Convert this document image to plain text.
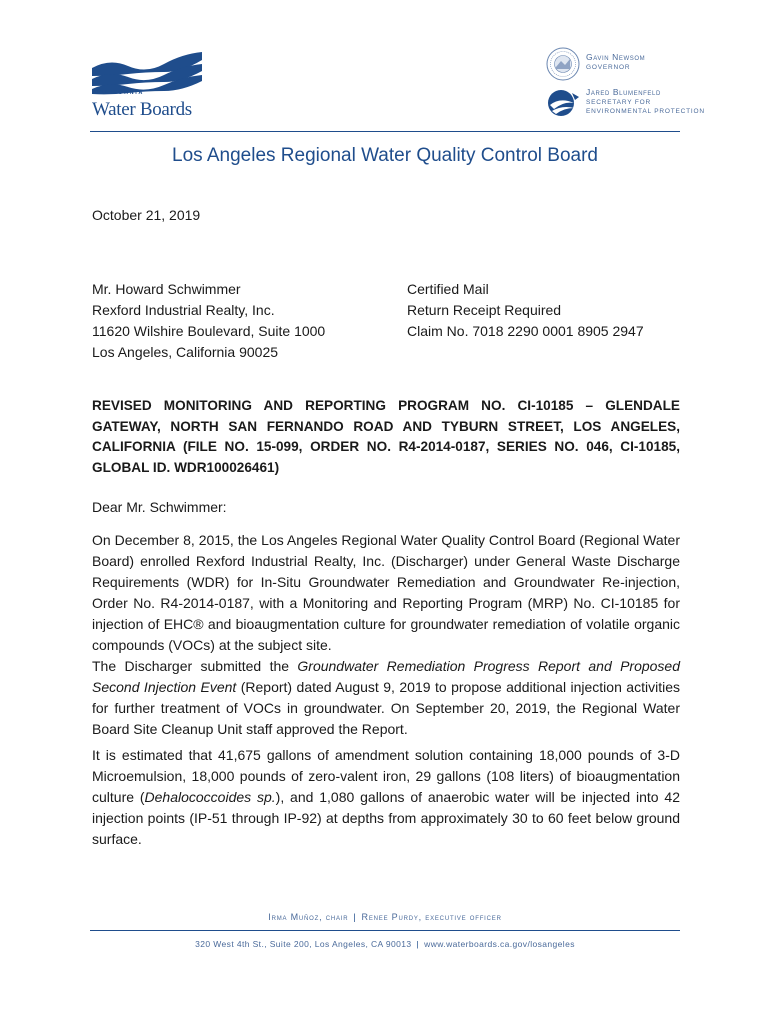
CALIFORNIA
Water Boards
Gavin Newsom
GOVERNOR
Jared Blumenfeld
SECRETARY FOR
ENVIRONMENTAL PROTECTION
Los Angeles Regional Water Quality Control Board
October 21, 2019
Mr. Howard Schwimmer
Rexford Industrial Realty, Inc.
11620 Wilshire Boulevard, Suite 1000
Los Angeles, California 90025
Certified Mail
Return Receipt Required
Claim No. 7018 2290 0001 8905 2947
REVISED MONITORING AND REPORTING PROGRAM NO. CI-10185 – GLENDALE GATEWAY, NORTH SAN FERNANDO ROAD AND TYBURN STREET, LOS ANGELES, CALIFORNIA (FILE NO. 15-099, ORDER NO. R4-2014-0187, SERIES NO. 046, CI-10185, GLOBAL ID. WDR100026461)
Dear Mr. Schwimmer:
On December 8, 2015, the Los Angeles Regional Water Quality Control Board (Regional Water Board) enrolled Rexford Industrial Realty, Inc. (Discharger) under General Waste Discharge Requirements (WDR) for In-Situ Groundwater Remediation and Groundwater Re-injection, Order No. R4-2014-0187, with a Monitoring and Reporting Program (MRP) No. CI-10185 for injection of EHC® and bioaugmentation culture for groundwater remediation of volatile organic compounds (VOCs) at the subject site.
The Discharger submitted the Groundwater Remediation Progress Report and Proposed Second Injection Event (Report) dated August 9, 2019 to propose additional injection activities for further treatment of VOCs in groundwater. On September 20, 2019, the Regional Water Board Site Cleanup Unit staff approved the Report.
It is estimated that 41,675 gallons of amendment solution containing 18,000 pounds of 3-D Microemulsion, 18,000 pounds of zero-valent iron, 29 gallons (108 liters) of bioaugmentation culture (Dehalococcoides sp.), and 1,080 gallons of anaerobic water will be injected into 42 injection points (IP-51 through IP-92) at depths from approximately 30 to 60 feet below ground surface.
Irma Muñoz, chair | Renee Purdy, executive officer
320 West 4th St., Suite 200, Los Angeles, CA 90013 | www.waterboards.ca.gov/losangeles
